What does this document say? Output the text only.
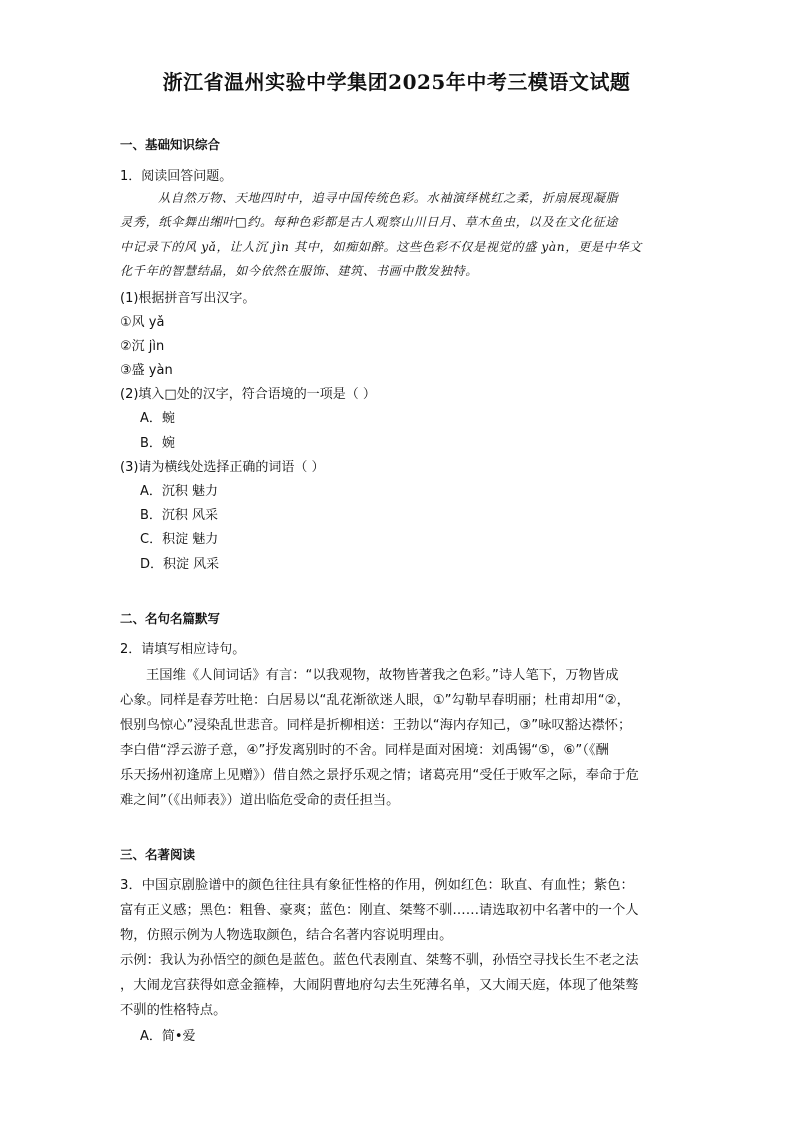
浙江省温州实验中学集团2025年中考三模语文试题
一、基础知识综合
1．阅读回答问题。
从自然万物、天地四时中，追寻中国传统色彩。水袖演绎桃红之柔，折扇展现凝脂
灵秀，纸伞舞出缃叶□约。每种色彩都是古人观察山川日月、草木鱼虫，以及在文化征途
中记录下的风 yǎ，让人沉 jìn 其中，如痴如醉。这些色彩不仅是视觉的盛 yàn，更是中华文
化千年的智慧结晶，如今依然在服饰、建筑、书画中散发独特。
(1)根据拼音写出汉字。
①风 yǎ
②沉 jìn
③盛 yàn
(2)填入□处的汉字，符合语境的一项是（ ）
A．蜿
B．婉
(3)请为横线处选择正确的词语（ ）
A．沉积 魅力
B．沉积 风采
C．积淀 魅力
D．积淀 风采
二、名句名篇默写
2．请填写相应诗句。
王国维《人间词话》有言：“以我观物，故物皆著我之色彩。”诗人笔下，万物皆成
心象。同样是春芳吐艳：白居易以“乱花渐欲迷人眼，①”勾勒早春明丽；杜甫却用“②，
恨别鸟惊心”浸染乱世悲音。同样是折柳相送：王勃以“海内存知己，③”咏叹豁达襟怀；
李白借“浮云游子意，④”抒发离别时的不舍。同样是面对困境：刘禹锡“⑤，⑥”（《酬
乐天扬州初逢席上见赠》）借自然之景抒乐观之情；诸葛亮用“受任于败军之际，奉命于危
难之间”（《出师表》）道出临危受命的责任担当。
三、名著阅读
3．中国京剧脸谱中的颜色往往具有象征性格的作用，例如红色：耿直、有血性；紫色：
富有正义感；黑色：粗鲁、豪爽；蓝色：刚直、桀骜不驯……请选取初中名著中的一个人
物，仿照示例为人物选取颜色，结合名著内容说明理由。
示例：我认为孙悟空的颜色是蓝色。蓝色代表刚直、桀骜不驯，孙悟空寻找长生不老之法
，大闹龙宫获得如意金箍棒，大闹阴曹地府勾去生死薄名单，又大闹天庭，体现了他桀骜
不驯的性格特点。
A．简•爱
